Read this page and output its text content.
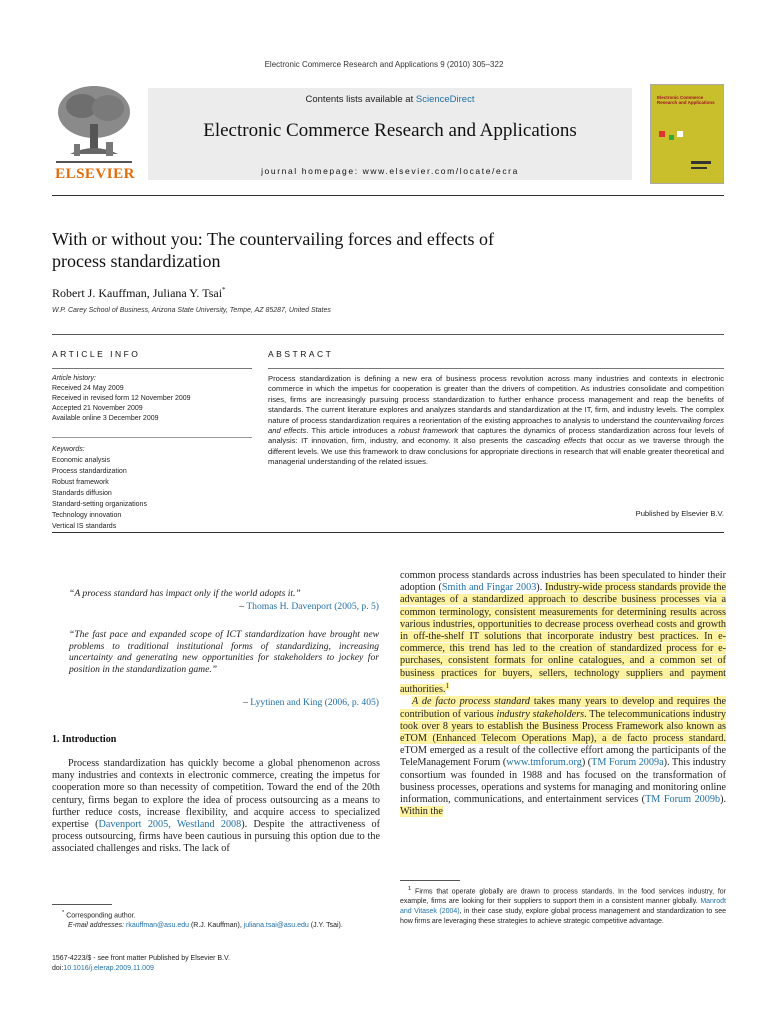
Electronic Commerce Research and Applications 9 (2010) 305–322
ELSEVIER
Contents lists available at ScienceDirect
Electronic Commerce Research and Applications
journal homepage: www.elsevier.com/locate/ecra
Electronic Commerce Research and Applications
With or without you: The countervailing forces and effects of
process standardization
Robert J. Kauffman, Juliana Y. Tsai*
W.P. Carey School of Business, Arizona State University, Tempe, AZ 85287, United States
ARTICLE INFO	ABSTRACT
Article history:
Received 24 May 2009
Received in revised form 12 November 2009
Accepted 21 November 2009
Available online 3 December 2009
Keywords:
Economic analysis
Process standardization
Robust framework
Standards diffusion
Standard-setting organizations
Technology innovation
Vertical IS standards
Process standardization is defining a new era of business process revolution across many industries and contexts in electronic commerce in which the impetus for cooperation is greater than the drivers of competition. As industries consolidate and competition rises, firms are increasingly pursuing process standardization to further enhance process management and reap the benefits of standards. The current literature explores and analyzes standards and standardization at the IT, firm, and industry levels. The complex nature of process standardization requires a reorientation of the existing approaches to analysis to understand the countervailing forces and effects. This article introduces a robust framework that captures the dynamics of process standardization across four levels of analysis: IT innovation, firm, industry, and economy. It also presents the cascading effects that occur as we traverse through the different levels. We use this framework to draw conclusions for appropriate directions in research that will enable greater theoretical and managerial understanding of the related issues.
Published by Elsevier B.V.
“A process standard has impact only if the world adopts it.”
– Thomas H. Davenport (2005, p. 5)
“The fast pace and expanded scope of ICT standardization have brought new problems to traditional institutional forms of standardizing, increasing uncertainty and generating new opportunities for stakeholders to jockey for position in the standardization game.”
– Lyytinen and King (2006, p. 405)
1. Introduction
Process standardization has quickly become a global phenomenon across many industries and contexts in electronic commerce, creating the impetus for cooperation more so than necessity of competition. Toward the end of the 20th century, firms began to explore the idea of process outsourcing as a means to further reduce costs, increase flexibility, and acquire access to specialized expertise (Davenport 2005, Westland 2008). Despite the attractiveness of process outsourcing, firms have been cautious in pursuing this option due to the associated challenges and risks. The lack of

common process standards across industries has been speculated to hinder their adoption (Smith and Fingar 2003). Industry-wide process standards provide the advantages of a standardized approach to describe business processes via a common terminology, consistent measurements for determining results across various industries, opportunities to decrease process overhead costs and growth in off-the-shelf IT solutions that incorporate industry best practices. In e-commerce, this trend has led to the creation of standardized process for e-purchases, consistent formats for online catalogues, and a common set of business practices for buyers, sellers, technology suppliers and payment authorities.$^1$

A de facto process standard takes many years to develop and requires the contribution of various industry stakeholders. The telecommunications industry took over 8 years to establish the Business Process Framework also known as eTOM (Enhanced Telecom Operations Map), a de facto process standard. eTOM emerged as a result of the collective effort among the participants of the TeleManagement Forum (www.tmforum.org) (TM Forum 2009a). This industry consortium was founded in 1988 and has focused on the transformation of business processes, operations and systems for managing and monitoring online information, communications, and entertainment services (TM Forum 2009b). Within the

* Corresponding author.
E-mail addresses: rkauffman@asu.edu (R.J. Kauffman), juliana.tsai@asu.edu (J.Y. Tsai).
$^1$ Firms that operate globally are drawn to process standards. In the food services industry, for example, firms are looking for their suppliers to support them in a consistent manner globally. Manrodt and Vitasek (2004), in their case study, explore global process management and standardization to see how firms are leveraging these strategies to achieve strategic competitive advantage.
1567-4223/$ - see front matter Published by Elsevier B.V.
doi:10.1016/j.elerap.2009.11.009
